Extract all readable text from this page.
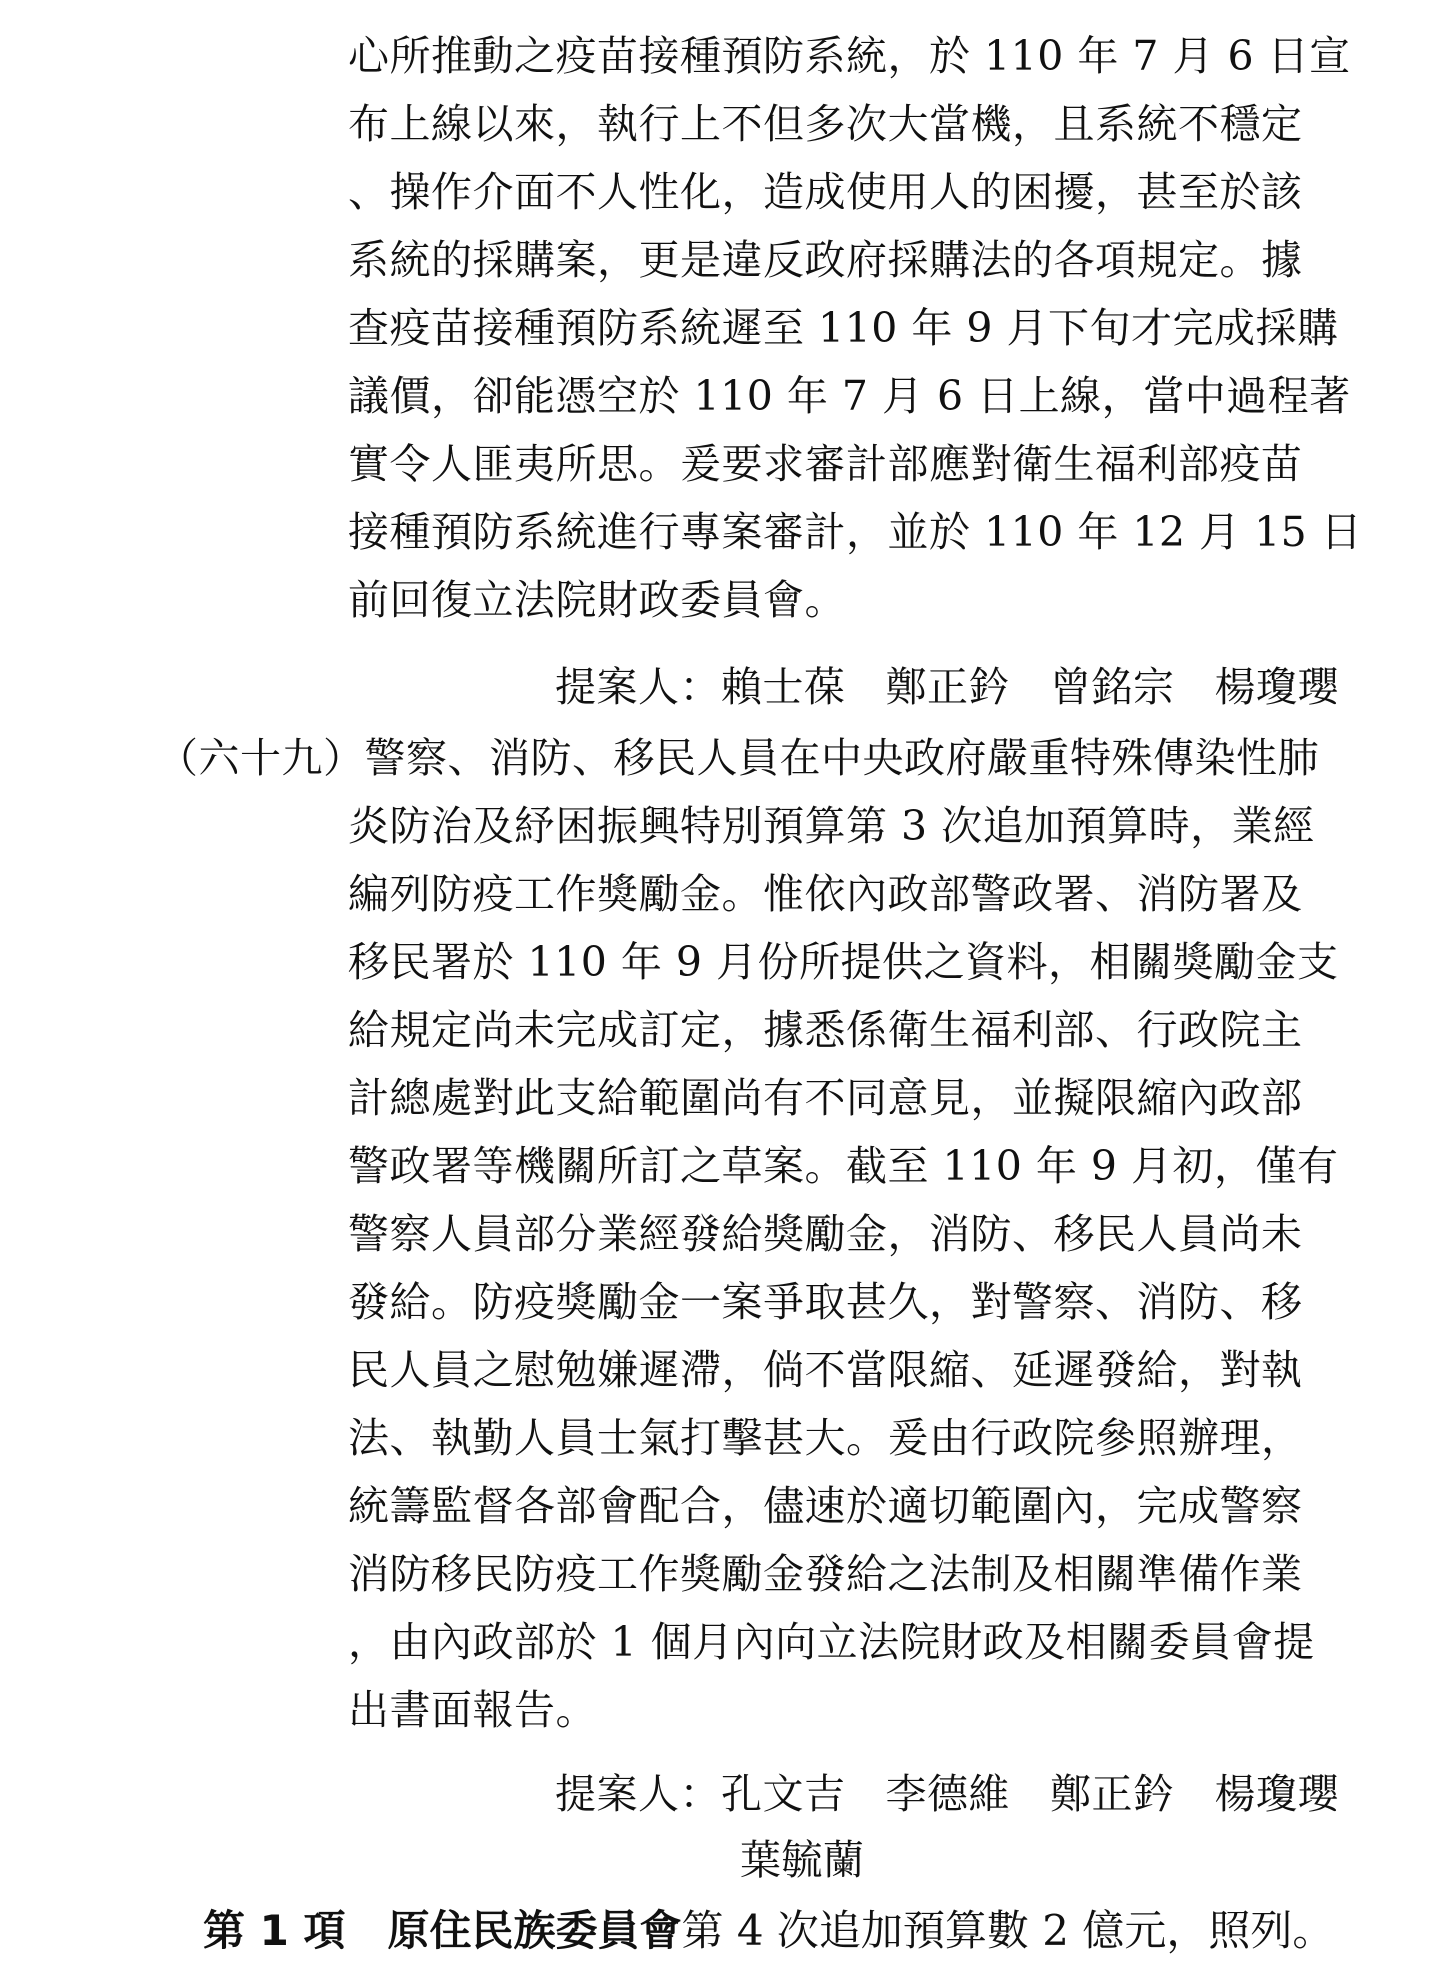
心所推動之疫苗接種預防系統，於 110 年 7 月 6 日宣
布上線以來，執行上不但多次大當機，且系統不穩定
、操作介面不人性化，造成使用人的困擾，甚至於該
系統的採購案，更是違反政府採購法的各項規定。據
查疫苗接種預防系統遲至 110 年 9 月下旬才完成採購
議價，卻能憑空於 110 年 7 月 6 日上線，當中過程著
實令人匪夷所思。爰要求審計部應對衛生福利部疫苗
接種預防系統進行專案審計，並於 110 年 12 月 15 日
前回復立法院財政委員會。
提案人：賴士葆 鄭正鈐 曾銘宗 楊瓊瓔
（六十九）警察、消防、移民人員在中央政府嚴重特殊傳染性肺
炎防治及紓困振興特別預算第 3 次追加預算時，業經
編列防疫工作獎勵金。惟依內政部警政署、消防署及
移民署於 110 年 9 月份所提供之資料，相關獎勵金支
給規定尚未完成訂定，據悉係衛生福利部、行政院主
計總處對此支給範圍尚有不同意見，並擬限縮內政部
警政署等機關所訂之草案。截至 110 年 9 月初，僅有
警察人員部分業經發給獎勵金，消防、移民人員尚未
發給。防疫獎勵金一案爭取甚久，對警察、消防、移
民人員之慰勉嫌遲滯，倘不當限縮、延遲發給，對執
法、執勤人員士氣打擊甚大。爰由行政院參照辦理，
統籌監督各部會配合，儘速於適切範圍內，完成警察
消防移民防疫工作獎勵金發給之法制及相關準備作業
，由內政部於 1 個月內向立法院財政及相關委員會提
出書面報告。
提案人：孔文吉 李德維 鄭正鈐 楊瓊瓔
葉毓蘭
第 1 項 原住民族委員會第 4 次追加預算數 2 億元，照列。
